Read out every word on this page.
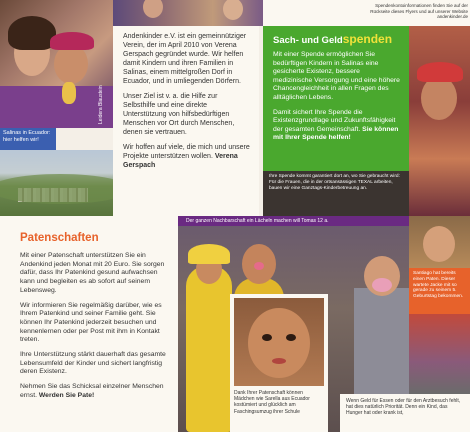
Leidera Blaustein
Salinas in Ecuador:
hier helfen wir!

Andenkinder e.V. ist ein gemeinnütziger Verein, der im April 2010 von Verena Gerspach gegründet wurde. Wir helfen damit Kindern und ihren Familien in Salinas, einem mittelgroßen Dorf in Ecuador, und in umliegenden Dörfern.

Unser Ziel ist v. a. die Hilfe zur Selbsthilfe und eine direkte Unterstützung von hilfsbedürftigen Menschen vor Ort durch Menschen, denen sie vertrauen.

Wir hoffen auf viele, die mich und unsere Projekte unterstützen wollen. Verena Gerspach

Spendenkontoinformationen finden Sie auf der Rückseite dieses Flyers und auf unserer Website andenkinder.de
Sach- und Geldspenden

Mit einer Spende ermöglichen Sie bedürftigen Kindern in Salinas eine gesicherte Existenz, bessere medizinische Versorgung und eine höhere Chancengleichheit in allen Fragen des alltäglichen Lebens.

Damit sichert Ihre Spende die Existenzgrundlage und Zukunftsfähigkeit der gesamten Gemeinschaft. Sie können mit Ihrer Spende helfen!

Ihre Spende kommt garantiert dort an, wo Sie gebraucht wird: Für die Frauen, die in der ortsansässigen TEXAL arbeiten, bauen wir eine Ganztags-Kinderbetreuung an.
Der ganzen Nachbarschaft ein Lächeln machen will Tomas 12 a.
Patenschaften

Mit einer Patenschaft unterstützen Sie ein Andenkind jeden Monat mit 20 Euro. Sie sorgen dafür, dass Ihr Patenkind gesund aufwachsen kann und begleiten es ab sofort auf seinem Lebensweg.

Wir informieren Sie regelmäßig darüber, wie es Ihrem Patenkind und seiner Familie geht. Sie können Ihr Patenkind jederzeit besuchen und kennenlernen oder per Post mit ihm in Kontakt treten.

Ihre Unterstützung stärkt dauerhaft das gesamte Lebensumfeld der Kinder und sichert langfristig deren Existenz.

Nehmen Sie das Schicksal einzelner Menschen ernst. Werden Sie Pate!	Dank Ihrer Patenschaft können Mädchen wie Sarella aus Ecuador kostümiert und glücklich am Faschingsumzug ihrer Schule
Santiago hat bereits einen Paten. Dieser wartete Jacke mit so gerade zu seinem 5. Geburtstag bekommen.
Wenn Geld für Essen oder für den Arztbesuch fehlt, hat dies natürlich Priorität. Denn ein Kind, das Hunger hat oder krank ist,
